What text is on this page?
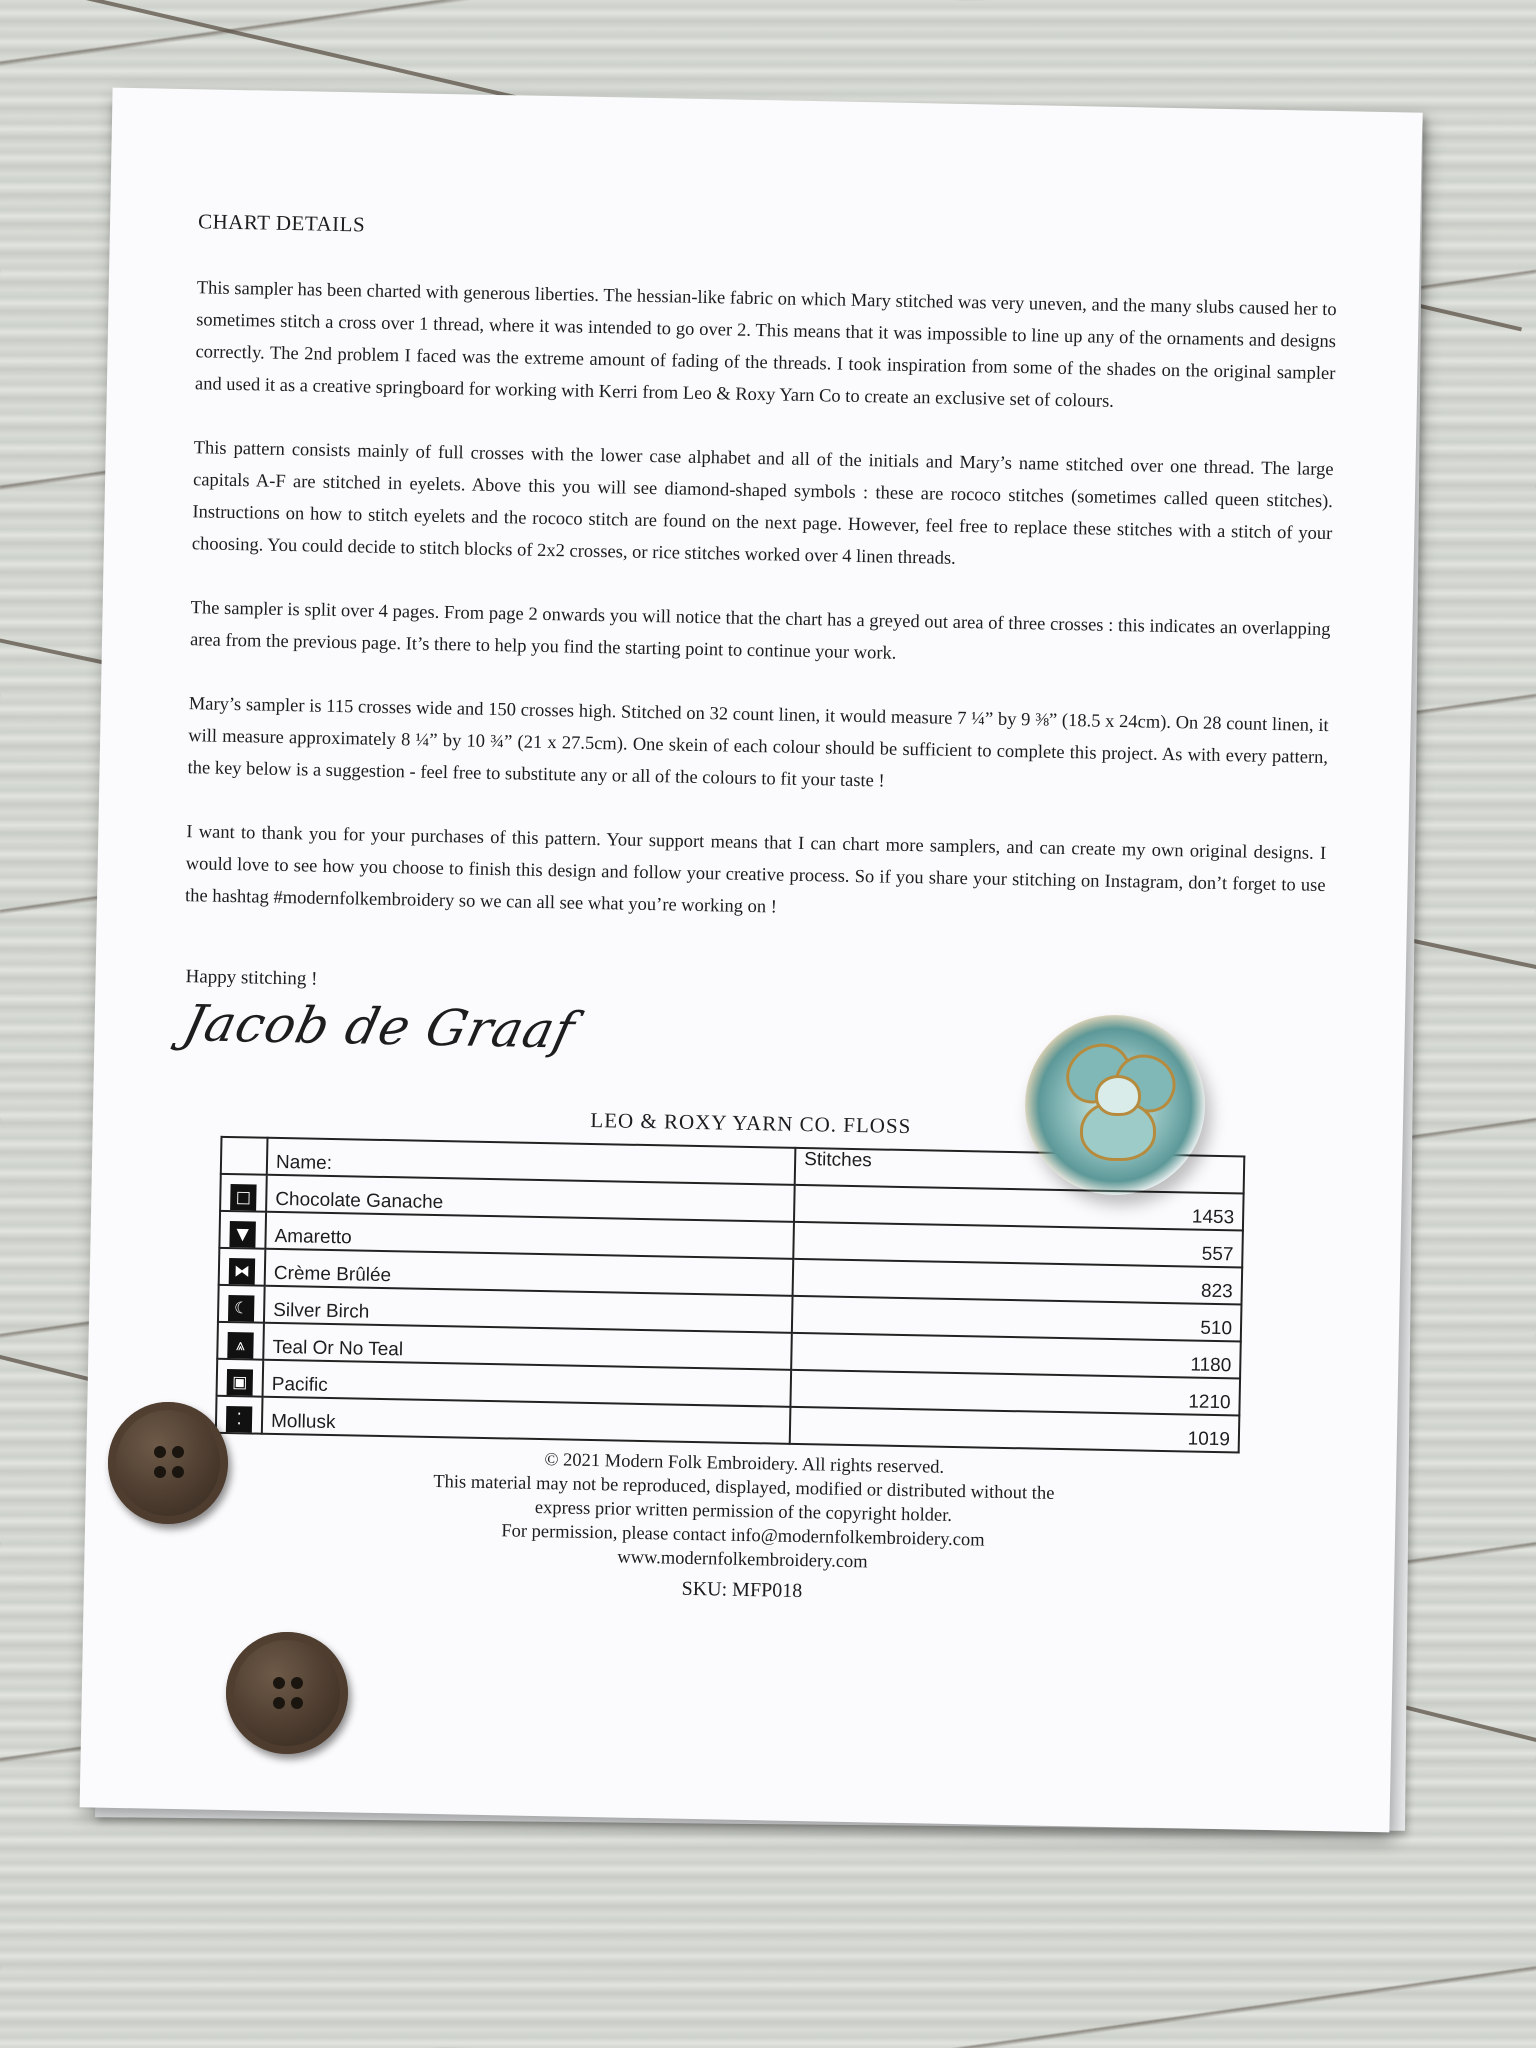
CHART DETAILS

This sampler has been charted with generous liberties. The hessian-like fabric on which Mary stitched was very uneven, and the many slubs caused her to sometimes stitch a cross over 1 thread, where it was intended to go over 2. This means that it was impossible to line up any of the ornaments and designs correctly. The 2nd problem I faced was the extreme amount of fading of the threads. I took inspiration from some of the shades on the original sampler and used it as a creative springboard for working with Kerri from Leo & Roxy Yarn Co to create an exclusive set of colours.

This pattern consists mainly of full crosses with the lower case alphabet and all of the initials and Mary’s name stitched over one thread. The large capitals A-F are stitched in eyelets. Above this you will see diamond-shaped symbols : these are rococo stitches (sometimes called queen stitches). Instructions on how to stitch eyelets and the rococo stitch are found on the next page. However, feel free to replace these stitches with a stitch of your choosing. You could decide to stitch blocks of 2x2 crosses, or rice stitches worked over 4 linen threads.

The sampler is split over 4 pages. From page 2 onwards you will notice that the chart has a greyed out area of three crosses : this indicates an overlapping area from the previous page. It’s there to help you find the starting point to continue your work.

Mary’s sampler is 115 crosses wide and 150 crosses high. Stitched on 32 count linen, it would measure 7 ¼” by 9 ⅜” (18.5 x 24cm). On 28 count linen, it will measure approximately 8 ¼” by 10 ¾” (21 x 27.5cm). One skein of each colour should be sufficient to complete this project. As with every pattern, the key below is a suggestion - feel free to substitute any or all of the colours to fit your taste !

I want to thank you for your purchases of this pattern. Your support means that I can chart more samplers, and can create my own original designs. I would love to see how you choose to finish this design and follow your creative process. So if you share your stitching on Instagram, don’t forget to use the hashtag #modernfolkembroidery so we can all see what you’re working on !

Happy stitching !
Jacob de Graaf
LEO & ROXY YARN CO. FLOSS
	Name:	Stitches
□	Chocolate Ganache	1453
▼	Amaretto	557
⧓	Crème Brûlée	823
☾	Silver Birch	510
⩓	Teal Or No Teal	1180
▣	Pacific	1210
⁚	Mollusk	1019
© 2021 Modern Folk Embroidery. All rights reserved.
This material may not be reproduced, displayed, modified or distributed without the
express prior written permission of the copyright holder.
For permission, please contact info@modernfolkembroidery.com
www.modernfolkembroidery.com
SKU: MFP018
